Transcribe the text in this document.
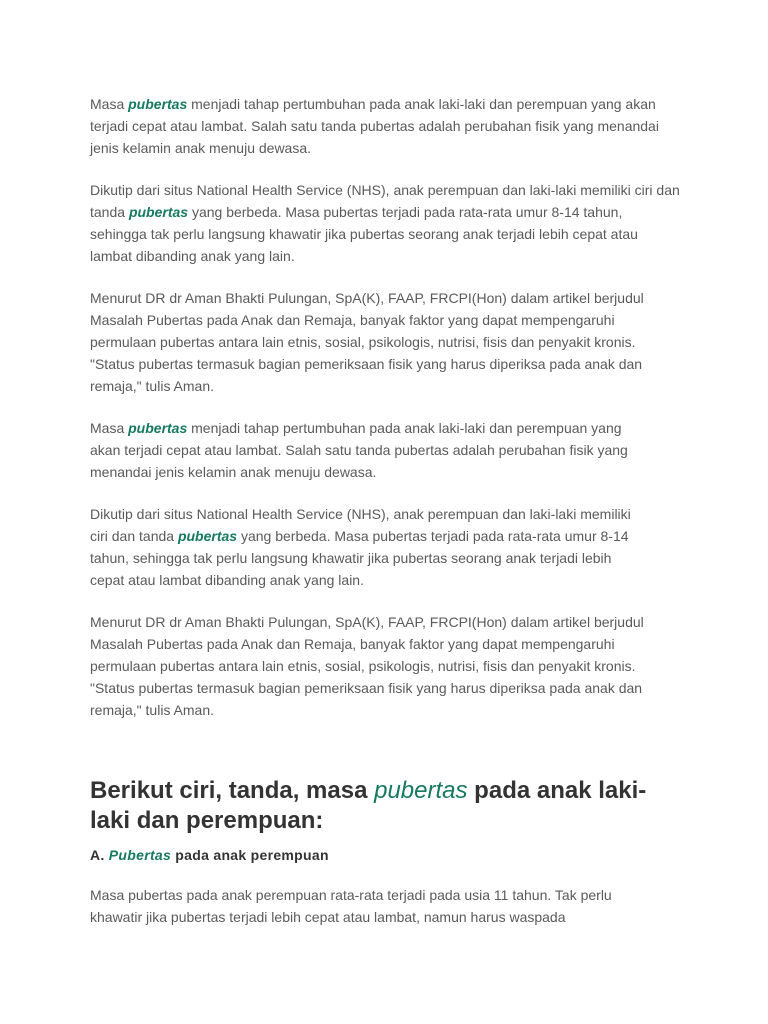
Masa pubertas menjadi tahap pertumbuhan pada anak laki-laki dan perempuan yang akan terjadi cepat atau lambat. Salah satu tanda pubertas adalah perubahan fisik yang menandai jenis kelamin anak menuju dewasa.

Dikutip dari situs National Health Service (NHS), anak perempuan dan laki-laki memiliki ciri dan tanda pubertas yang berbeda. Masa pubertas terjadi pada rata-rata umur 8-14 tahun, sehingga tak perlu langsung khawatir jika pubertas seorang anak terjadi lebih cepat atau lambat dibanding anak yang lain.

Menurut DR dr Aman Bhakti Pulungan, SpA(K), FAAP, FRCPI(Hon) dalam artikel berjudul Masalah Pubertas pada Anak dan Remaja, banyak faktor yang dapat mempengaruhi permulaan pubertas antara lain etnis, sosial, psikologis, nutrisi, fisis dan penyakit kronis. "Status pubertas termasuk bagian pemeriksaan fisik yang harus diperiksa pada anak dan remaja," tulis Aman.

Masa pubertas menjadi tahap pertumbuhan pada anak laki-laki dan perempuan yang akan terjadi cepat atau lambat. Salah satu tanda pubertas adalah perubahan fisik yang menandai jenis kelamin anak menuju dewasa.

Dikutip dari situs National Health Service (NHS), anak perempuan dan laki-laki memiliki ciri dan tanda pubertas yang berbeda. Masa pubertas terjadi pada rata-rata umur 8-14 tahun, sehingga tak perlu langsung khawatir jika pubertas seorang anak terjadi lebih cepat atau lambat dibanding anak yang lain.

Menurut DR dr Aman Bhakti Pulungan, SpA(K), FAAP, FRCPI(Hon) dalam artikel berjudul Masalah Pubertas pada Anak dan Remaja, banyak faktor yang dapat mempengaruhi permulaan pubertas antara lain etnis, sosial, psikologis, nutrisi, fisis dan penyakit kronis. "Status pubertas termasuk bagian pemeriksaan fisik yang harus diperiksa pada anak dan remaja," tulis Aman.

Berikut ciri, tanda, masa pubertas pada anak laki-laki dan perempuan:
A. Pubertas pada anak perempuan

Masa pubertas pada anak perempuan rata-rata terjadi pada usia 11 tahun. Tak perlu khawatir jika pubertas terjadi lebih cepat atau lambat, namun harus waspada
